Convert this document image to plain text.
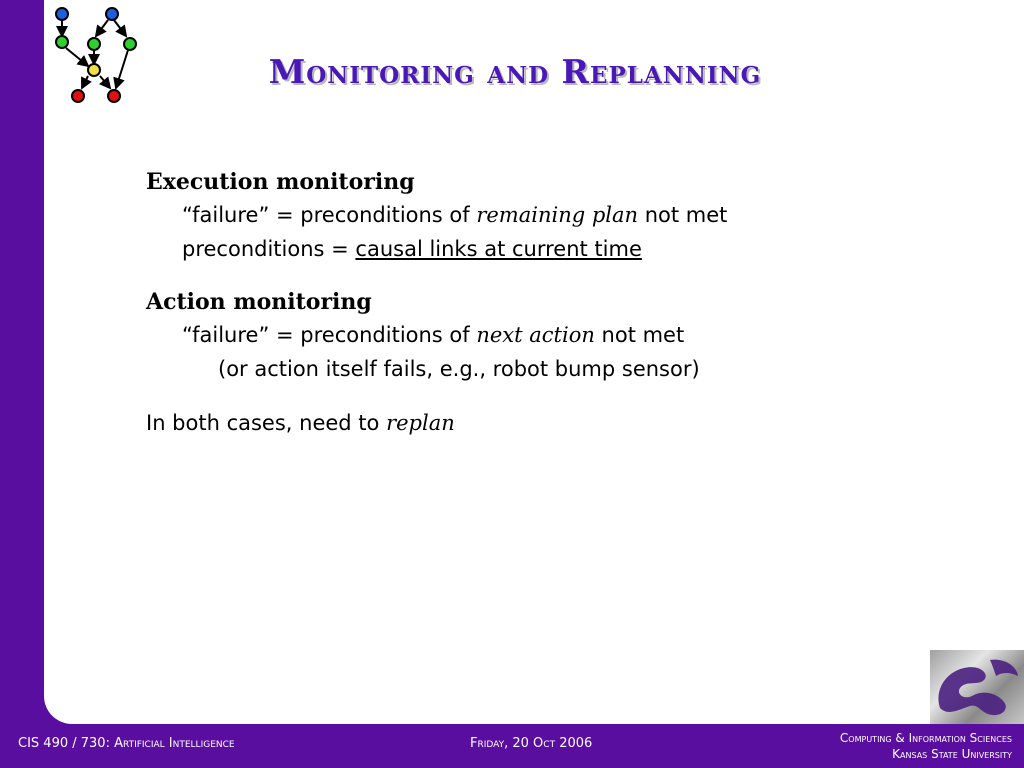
Monitoring and Replanning

Execution monitoring

“failure” = preconditions of remaining plan not met

preconditions = causal links at current time

Action monitoring

“failure” = preconditions of next action not met

(or action itself fails, e.g., robot bump sensor)

In both cases, need to replan

CIS 490 / 730: Artificial Intelligence	Friday, 20 Oct 2006	Computing & Information Sciences
Kansas State University
